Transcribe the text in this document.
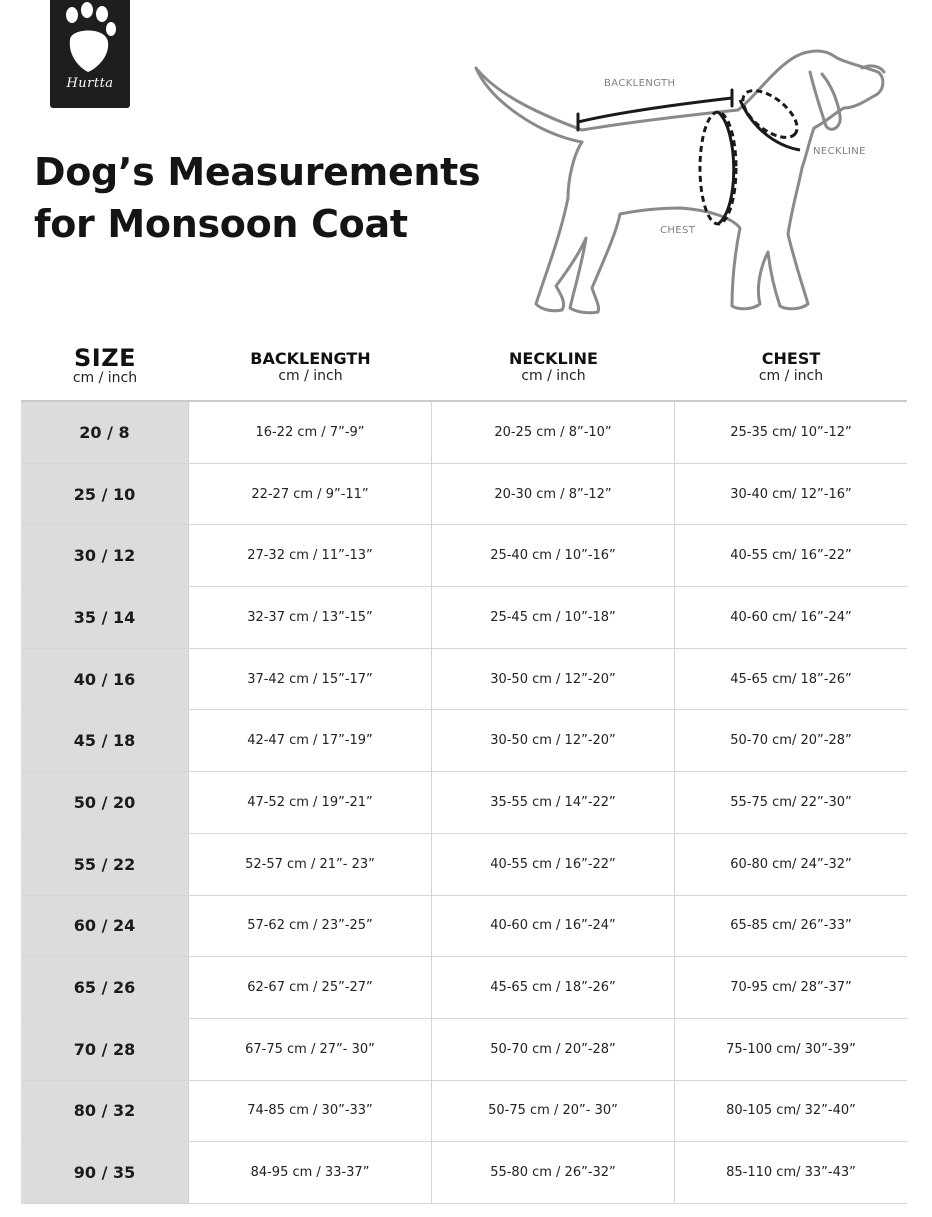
Hurtta
Dog’s Measurements
for Monsoon Coat
BACKLENGTH
NECKLINE
CHEST
SIZE
cm / inch
BACKLENGTH
cm / inch
NECKLINE
cm / inch
CHEST
cm / inch
20 / 8	16-22 cm / 7”-9”	20-25 cm / 8”-10”	25-35 cm/ 10”-12”
25 / 10	22-27 cm / 9”-11”	20-30 cm / 8”-12”	30-40 cm/ 12”-16”
30 / 12	27-32 cm / 11”-13”	25-40 cm / 10”-16”	40-55 cm/ 16”-22”
35 / 14	32-37 cm / 13”-15”	25-45 cm / 10”-18”	40-60 cm/ 16”-24”
40 / 16	37-42 cm / 15”-17”	30-50 cm / 12”-20”	45-65 cm/ 18”-26”
45 / 18	42-47 cm / 17”-19”	30-50 cm / 12”-20”	50-70 cm/ 20”-28”
50 / 20	47-52 cm / 19”-21”	35-55 cm / 14”-22”	55-75 cm/ 22”-30”
55 / 22	52-57 cm / 21”- 23”	40-55 cm / 16”-22”	60-80 cm/ 24”-32”
60 / 24	57-62 cm / 23”-25”	40-60 cm / 16”-24”	65-85 cm/ 26”-33”
65 / 26	62-67 cm / 25”-27”	45-65 cm / 18”-26”	70-95 cm/ 28”-37”
70 / 28	67-75 cm / 27”- 30”	50-70 cm / 20”-28”	75-100 cm/ 30”-39”
80 / 32	74-85 cm / 30”-33”	50-75 cm / 20”- 30”	80-105 cm/ 32”-40”
90 / 35	84-95 cm / 33-37”	55-80 cm / 26”-32”	85-110 cm/ 33”-43”
